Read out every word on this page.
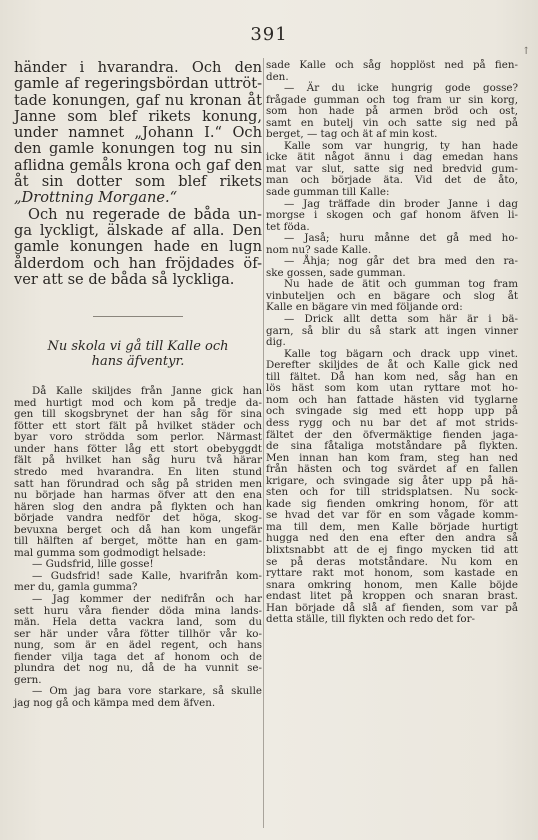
391
↑

händer i hvarandra. Och den

gamle af regeringsbördan uttröt-

tade konungen, gaf nu kronan åt

Janne som blef rikets konung,

under namnet „Johann I.“ Och

den gamle konungen tog nu sin

aflidna gemåls krona och gaf den

åt sin dotter som blef rikets

„Drottning Morgane.“

Och nu regerade de båda un-

ga lyckligt, älskade af alla. Den

gamle konungen hade en lugn

ålderdom och han fröjdades öf-

ver att se de båda så lyckliga.

Nu skola vi gå till Kalle och
hans äfventyr.

Då Kalle skiljdes från Janne gick han

med hurtigt mod och kom på tredje da-

gen till skogsbrynet der han såg för sina

fötter ett stort fält på hvilket städer och

byar voro strödda som perlor. Närmast

under hans fötter låg ett stort obebyggdt

fält på hvilket han såg huru två härar

stredo med hvarandra. En liten stund

satt han förundrad och såg på striden men

nu började han harmas öfver att den ena

hären slog den andra på flykten och han

började vandra nedför det höga, skog-

bevuxna berget och då han kom ungefär

till hälften af berget, mötte han en gam-

mal gumma som godmodigt helsade:

— Gudsfrid, lille gosse!

— Gudsfrid! sade Kalle, hvarifrån kom-

mer du, gamla gumma?

— Jag kommer der nedifrån och har

sett huru våra fiender döda mina lands-

män. Hela detta vackra land, som du

ser här under våra fötter tillhör vår ko-

nung, som är en ädel regent, och hans

fiender vilja taga det af honom och de

plundra det nog nu, då de ha vunnit se-

gern.

— Om jag bara vore starkare, så skulle

jag nog gå och kämpa med dem äfven.

sade Kalle och såg hopplöst ned på fien-

den.

— Är du icke hungrig gode gosse?

frågade gumman och tog fram ur sin korg,

som hon hade på armen bröd och ost,

samt en butelj vin och satte sig ned på

berget, — tag och ät af min kost.

Kalle som var hungrig, ty han hade

icke ätit något ännu i dag emedan hans

mat var slut, satte sig ned bredvid gum-

man och började äta. Vid det de åto,

sade gumman till Kalle:

— Jag träffade din broder Janne i dag

morgse i skogen och gaf honom äfven li-

tet föda.

— Jaså; huru månne det gå med ho-

nom nu? sade Kalle.

— Åhja; nog går det bra med den ra-

ske gossen, sade gumman.

Nu hade de ätit och gumman tog fram

vinbuteljen och en bägare och slog åt

Kalle en bägare vin med följande ord:

— Drick allt detta som här är i bä-

garn, så blir du så stark att ingen vinner

dig.

Kalle tog bägarn och drack upp vinet.

Derefter skiljdes de åt och Kalle gick ned

till fältet. Då han kom ned, såg han en

lös häst som kom utan ryttare mot ho-

nom och han fattade hästen vid tyglarne

och svingade sig med ett hopp upp på

dess rygg och nu bar det af mot strids-

fältet der den öfvermäktige fienden jaga-

de sina fåtaliga motståndare på flykten.

Men innan han kom fram, steg han ned

från hästen och tog svärdet af en fallen

krigare, och svingade sig åter upp på hä-

sten och for till stridsplatsen. Nu sock-

kade sig fienden omkring honom, för att

se hvad det var för en som vågade komm-

ma till dem, men Kalle började hurtigt

hugga ned den ena efter den andra så

blixtsnabbt att de ej fingo mycken tid att

se på deras motståndare. Nu kom en

ryttare rakt mot honom, som kastade en

snara omkring honom, men Kalle böjde

endast litet på kroppen och snaran brast.

Han började då slå af fienden, som var på

detta ställe, till flykten och redo det for-
